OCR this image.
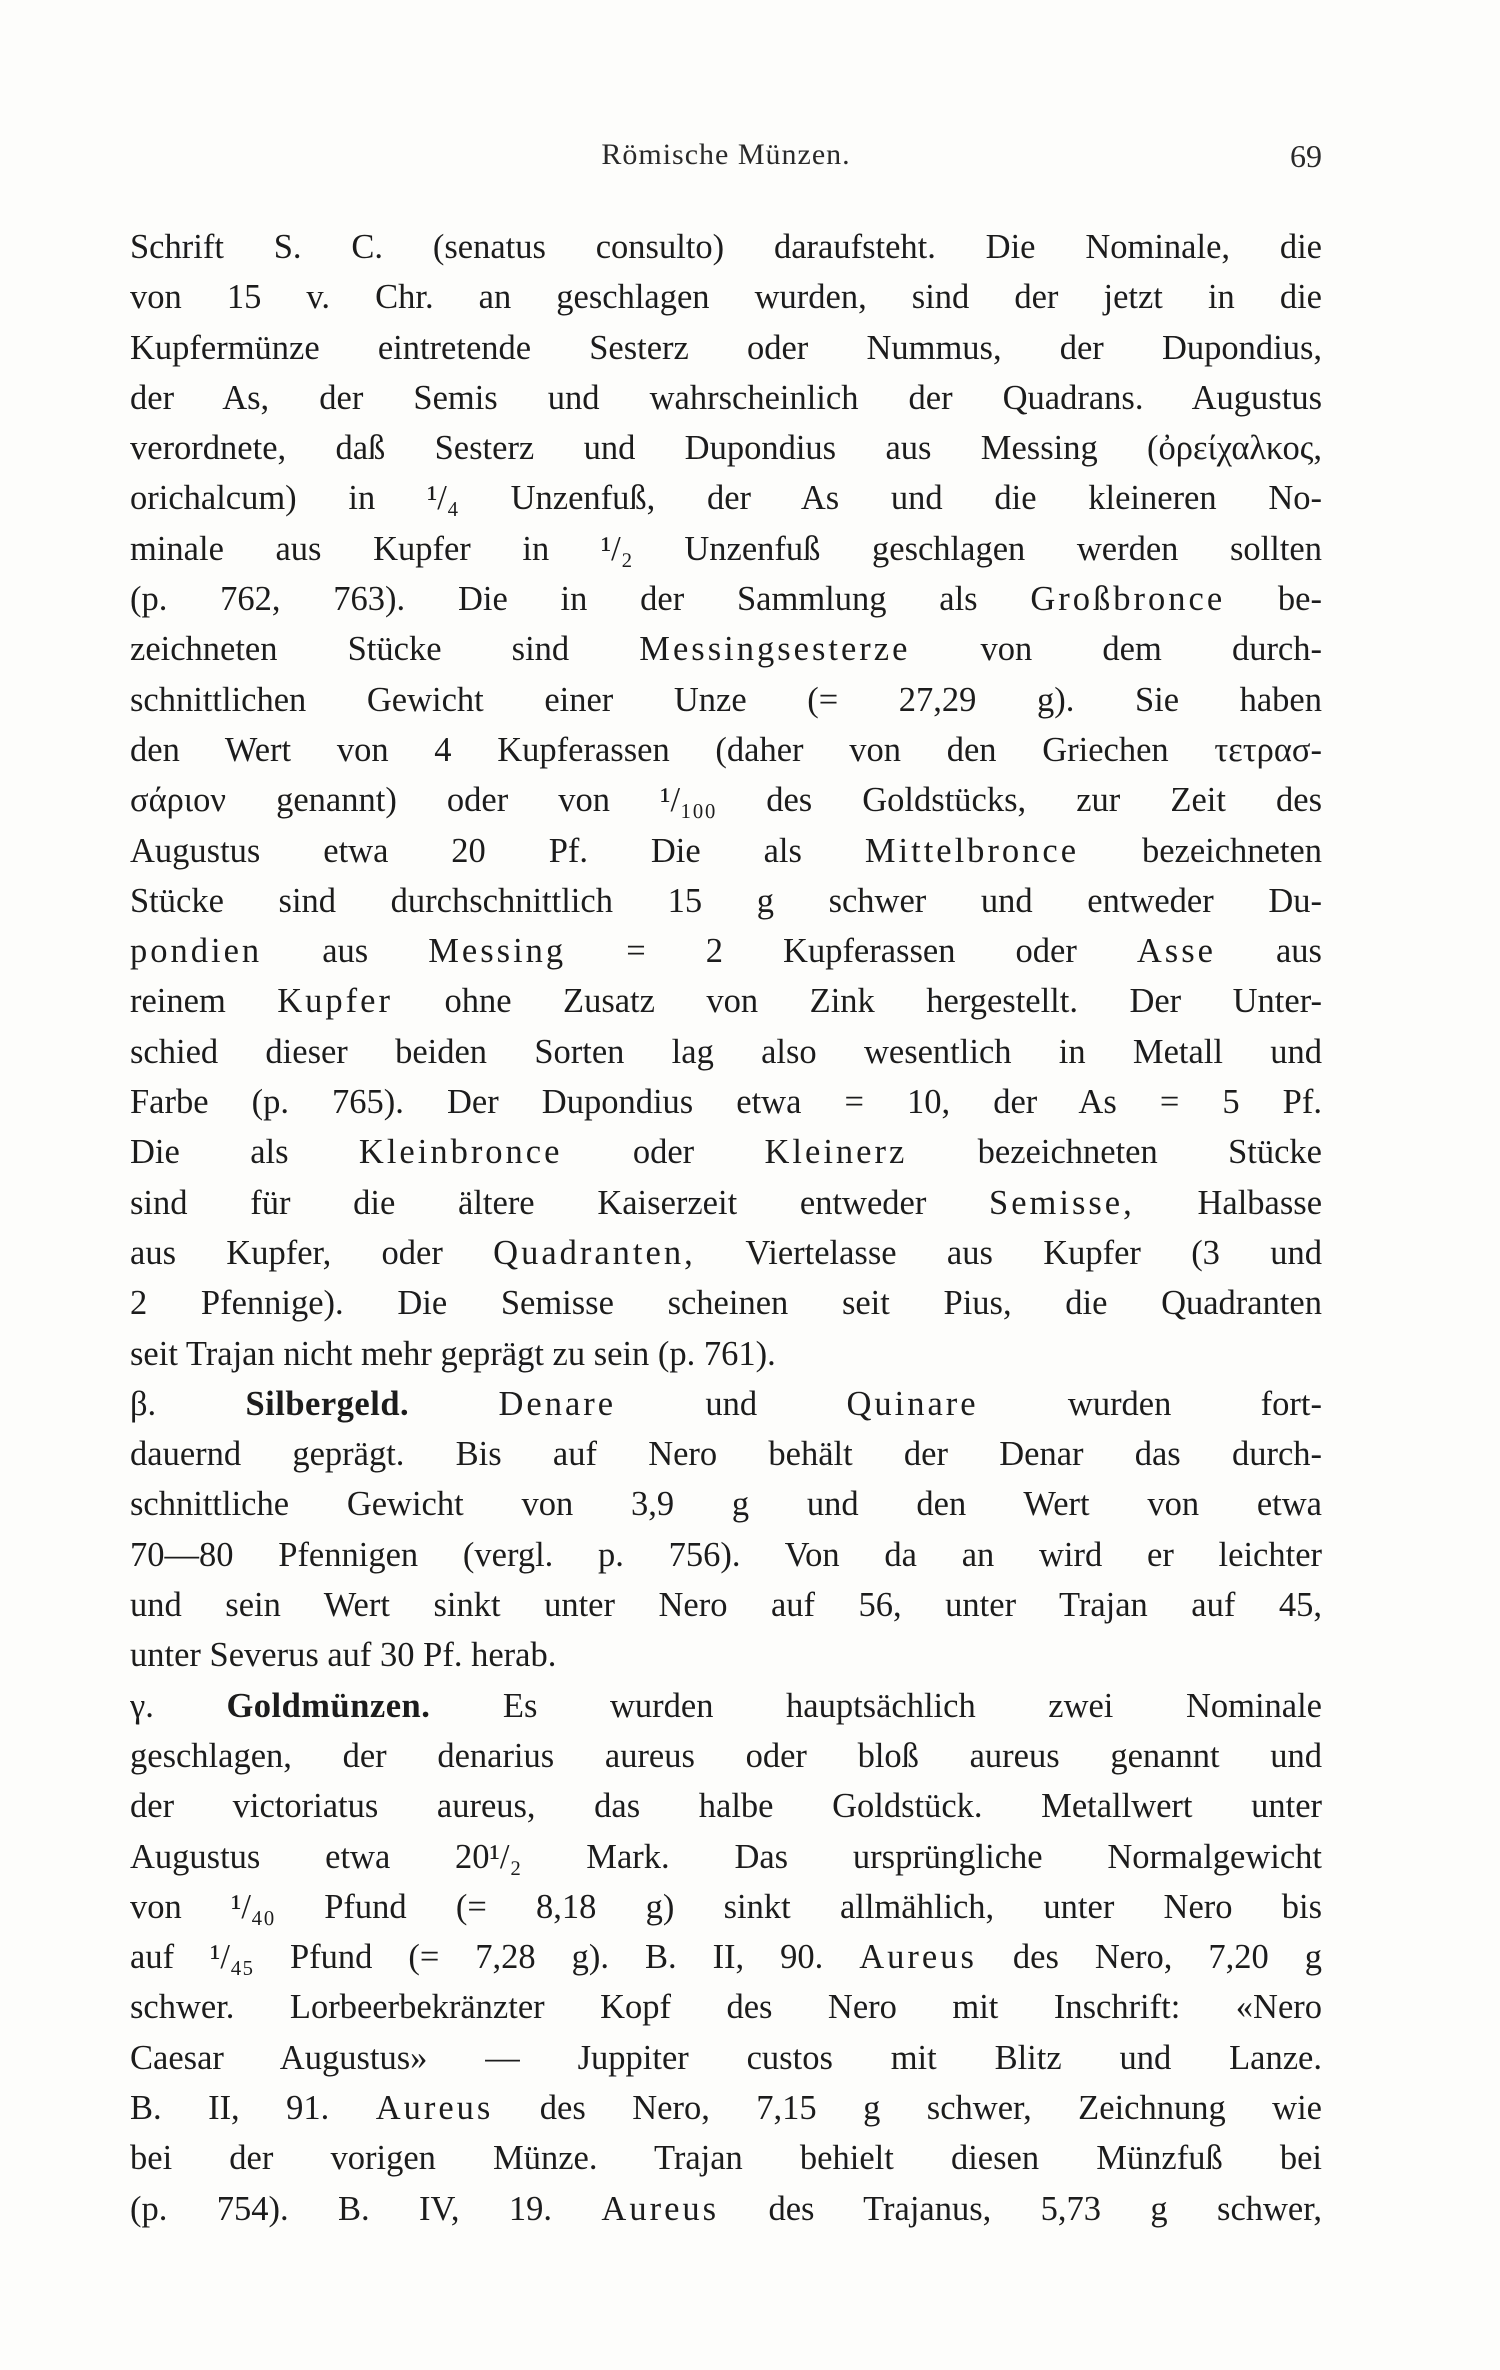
Römische Münzen.	69
Schrift S. C. (senatus consulto) daraufsteht. Die Nominale, die
von 15 v. Chr. an geschlagen wurden, sind der jetzt in die
Kupfermünze eintretende Sesterz oder Nummus, der Dupondius,
der As, der Semis und wahrscheinlich der Quadrans. Augustus
verordnete, daß Sesterz und Dupondius aus Messing (ὀρείχαλκος,
orichalcum) in ¹/₄ Unzenfuß, der As und die kleineren No-
minale aus Kupfer in ¹/₂ Unzenfuß geschlagen werden sollten
(p. 762, 763). Die in der Sammlung als Großbronce be-
zeichneten Stücke sind Messingsesterze von dem durch-
schnittlichen Gewicht einer Unze (= 27,29 g). Sie haben
den Wert von 4 Kupferassen (daher von den Griechen τετρασ-
σάριον genannt) oder von ¹/₁₀₀ des Goldstücks, zur Zeit des
Augustus etwa 20 Pf. Die als Mittelbronce bezeichneten
Stücke sind durchschnittlich 15 g schwer und entweder Du-
pondien aus Messing = 2 Kupferassen oder Asse aus
reinem Kupfer ohne Zusatz von Zink hergestellt. Der Unter-
schied dieser beiden Sorten lag also wesentlich in Metall und
Farbe (p. 765). Der Dupondius etwa = 10, der As = 5 Pf.
Die als Kleinbronce oder Kleinerz bezeichneten Stücke
sind für die ältere Kaiserzeit entweder Semisse, Halbasse
aus Kupfer, oder Quadranten, Viertelasse aus Kupfer (3 und
2 Pfennige). Die Semisse scheinen seit Pius, die Quadranten
seit Trajan nicht mehr geprägt zu sein (p. 761).
β. Silbergeld.	Denare und Quinare wurden fort-
dauernd geprägt. Bis auf Nero behält der Denar das durch-
schnittliche Gewicht von 3,9 g und den Wert von etwa
70—80 Pfennigen (vergl. p. 756). Von da an wird er leichter
und sein Wert sinkt unter Nero auf 56, unter Trajan auf 45,
unter Severus auf 30 Pf. herab.
γ. Goldmünzen. Es wurden hauptsächlich zwei Nominale
geschlagen, der denarius aureus oder bloß aureus genannt und
der victoriatus aureus, das halbe Goldstück. Metallwert unter
Augustus etwa 20¹/₂ Mark. Das ursprüngliche Normalgewicht
von ¹/₄₀ Pfund (= 8,18 g) sinkt allmählich, unter Nero bis
auf ¹/₄₅ Pfund (= 7,28 g). B. II, 90. Aureus des Nero, 7,20 g
schwer. Lorbeerbekränzter Kopf des Nero mit Inschrift: «Nero
Caesar Augustus» — Juppiter custos mit Blitz und Lanze.
B. II, 91. Aureus des Nero, 7,15 g schwer, Zeichnung wie
bei der vorigen Münze. Trajan behielt diesen Münzfuß bei
(p. 754). B. IV, 19. Aureus des Trajanus, 5,73 g schwer,
